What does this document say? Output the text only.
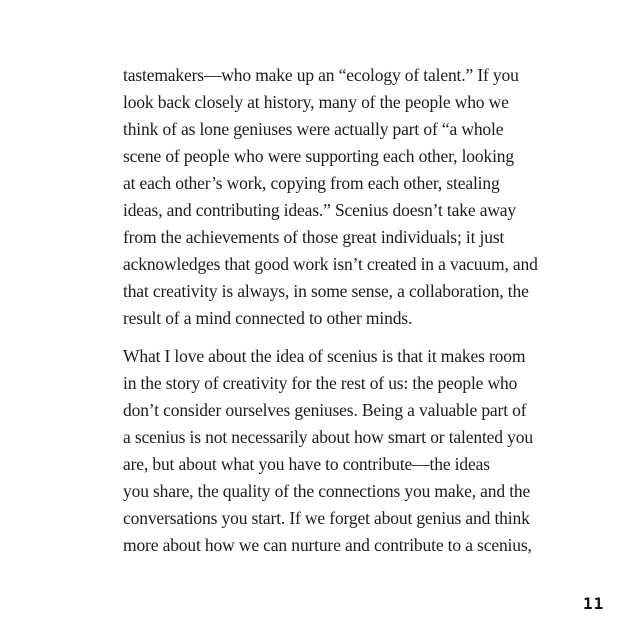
tastemakers—who make up an “ecology of talent.” If you
look back closely at history, many of the people who we
think of as lone geniuses were actually part of “a whole
scene of people who were supporting each other, looking
at each other’s work, copying from each other, stealing
ideas, and contributing ideas.” Scenius doesn’t take away
from the achievements of those great individuals; it just
acknowledges that good work isn’t created in a vacuum, and
that creativity is always, in some sense, a collaboration, the
result of a mind connected to other minds.
What I love about the idea of scenius is that it makes room
in the story of creativity for the rest of us: the people who
don’t consider ourselves geniuses. Being a valuable part of
a scenius is not necessarily about how smart or talented you
are, but about what you have to contribute—the ideas
you share, the quality of the connections you make, and the
conversations you start. If we forget about genius and think
more about how we can nurture and contribute to a scenius,
11
